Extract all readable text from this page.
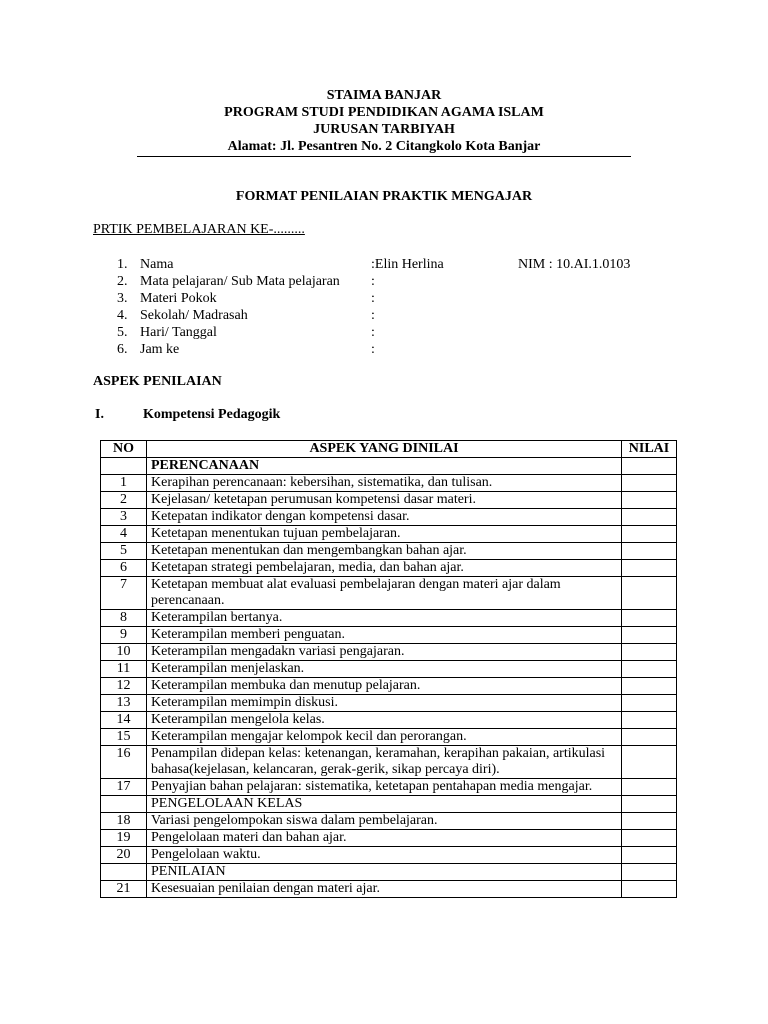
STAIMA BANJAR
PROGRAM STUDI PENDIDIKAN AGAMA ISLAM
JURUSAN TARBIYAH
Alamat: Jl. Pesantren No. 2 Citangkolo Kota Banjar
FORMAT PENILAIAN PRAKTIK MENGAJAR
PRTIK PEMBELAJARAN KE-.........
1. Nama	:Elin Herlina	NIM : 10.AI.1.0103
2. Mata pelajaran/ Sub Mata pelajaran :
3. Materi Pokok	:
4. Sekolah/ Madrasah	:
5. Hari/ Tanggal	:
6. Jam ke	:
ASPEK PENILAIAN
I.	Kompetensi Pedagogik
NO	ASPEK YANG DINILAI	NILAI
	PERENCANAAN	
1	Kerapihan perencanaan: kebersihan, sistematika, dan tulisan.	
2	Kejelasan/ ketetapan perumusan kompetensi dasar materi.	
3	Ketepatan indikator dengan kompetensi dasar.	
4	Ketetapan menentukan tujuan pembelajaran.	
5	Ketetapan menentukan dan mengembangkan bahan ajar.	
6	Ketetapan strategi pembelajaran, media, dan bahan ajar.	
7	Ketetapan membuat alat evaluasi pembelajaran dengan materi ajar dalam perencanaan.	
8	Keterampilan bertanya.	
9	Keterampilan memberi penguatan.	
10	Keterampilan mengadakn variasi pengajaran.	
11	Keterampilan menjelaskan.	
12	Keterampilan membuka dan menutup pelajaran.	
13	Keterampilan memimpin diskusi.	
14	Keterampilan mengelola kelas.	
15	Keterampilan mengajar kelompok kecil dan perorangan.	
16	Penampilan didepan kelas: ketenangan, keramahan, kerapihan pakaian, artikulasi bahasa(kejelasan, kelancaran, gerak-gerik, sikap percaya diri).	
17	Penyajian bahan pelajaran: sistematika, ketetapan pentahapan media mengajar.	
	PENGELOLAAN KELAS	
18	Variasi pengelompokan siswa dalam pembelajaran.	
19	Pengelolaan materi dan bahan ajar.	
20	Pengelolaan waktu.	
	PENILAIAN	
21	Kesesuaian penilaian dengan materi ajar.	
